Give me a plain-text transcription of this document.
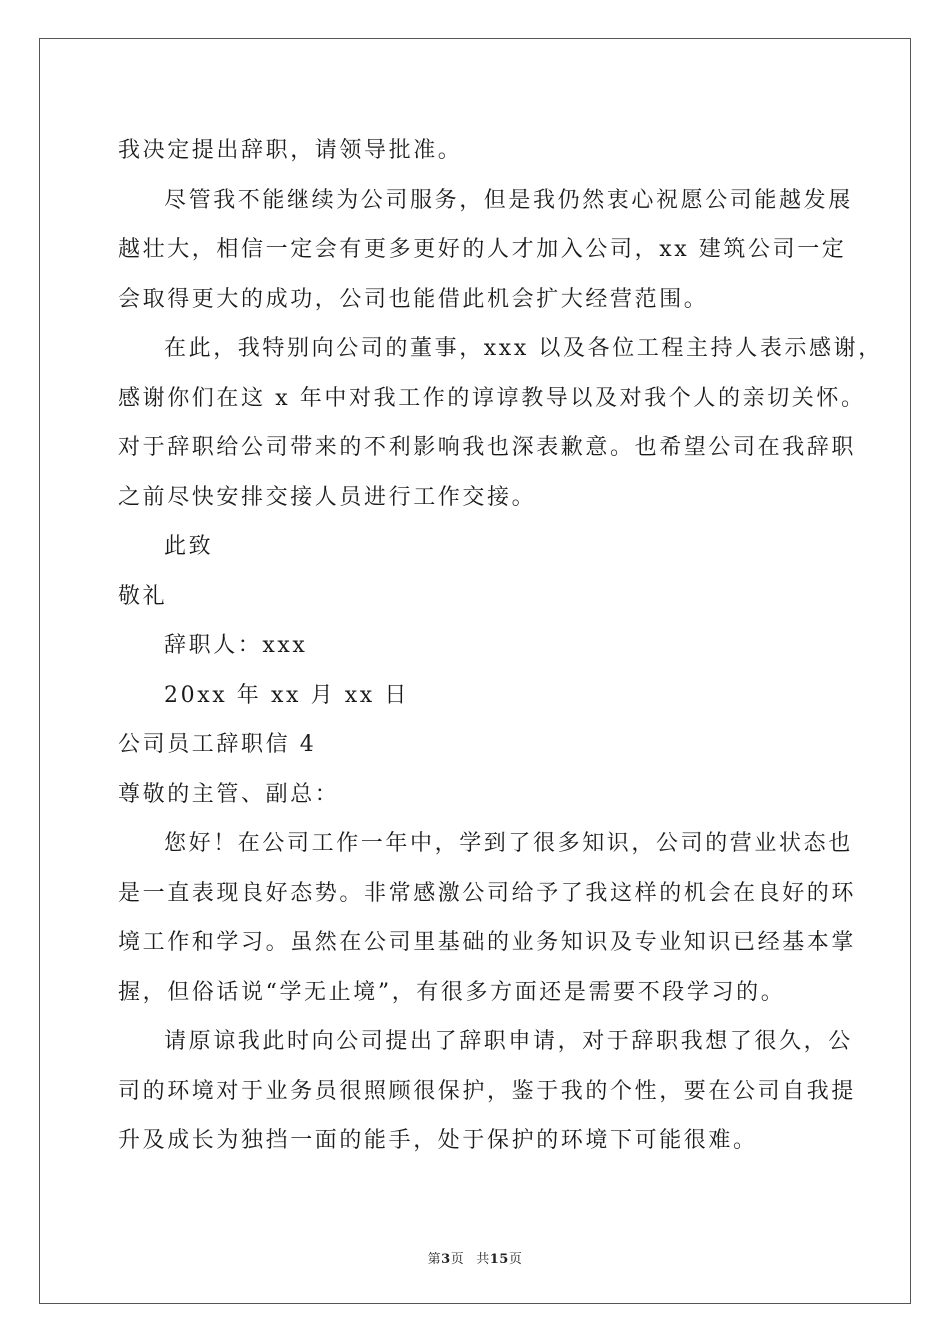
我决定提出辞职，请领导批准。
尽管我不能继续为公司服务，但是我仍然衷心祝愿公司能越发展
越壮大，相信一定会有更多更好的人才加入公司，xx 建筑公司一定
会取得更大的成功，公司也能借此机会扩大经营范围。
在此，我特别向公司的董事，xxx 以及各位工程主持人表示感谢，
感谢你们在这 x 年中对我工作的谆谆教导以及对我个人的亲切关怀。
对于辞职给公司带来的不利影响我也深表歉意。也希望公司在我辞职
之前尽快安排交接人员进行工作交接。
此致
敬礼
辞职人：xxx
20xx 年 xx 月 xx 日
公司员工辞职信 4
尊敬的主管、副总：
您好！在公司工作一年中，学到了很多知识，公司的营业状态也
是一直表现良好态势。非常感激公司给予了我这样的机会在良好的环
境工作和学习。虽然在公司里基础的业务知识及专业知识已经基本掌
握，但俗话说“学无止境”，有很多方面还是需要不段学习的。
请原谅我此时向公司提出了辞职申请，对于辞职我想了很久，公
司的环境对于业务员很照顾很保护，鉴于我的个性，要在公司自我提
升及成长为独挡一面的能手，处于保护的环境下可能很难。
第3页 共15页
